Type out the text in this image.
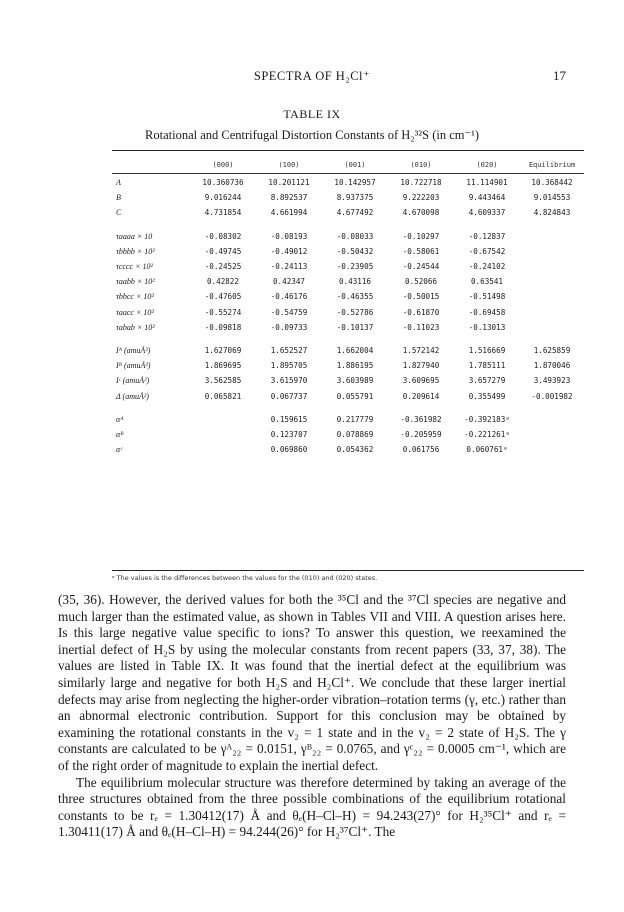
SPECTRA OF H₂Cl⁺	17
TABLE IX
Rotational and Centrifugal Distortion Constants of H₂³²S (in cm⁻¹)
	(000)	(100)	(001)	(010)	(020)	Equilibrium
A	10.360736	10.201121	10.142957	10.722718	11.114901	10.368442
B	9.016244	8.892537	8.937375	9.222203	9.443464	9.014553
C	4.731854	4.661994	4.677492	4.670098	4.609337	4.824843

τaaaa × 10	-0.08302	-0.08193	-0.08033	-0.10297	-0.12837	
τbbbb × 10²	-0.49745	-0.49012	-0.50432	-0.58061	-0.67542	
τcccc × 10²	-0.24525	-0.24113	-0.23905	-0.24544	-0.24102	
τaabb × 10²	0.42822	0.42347	0.43116	0.52066	0.63541	
τbbcc × 10²	-0.47605	-0.46176	-0.46355	-0.50015	-0.51498	
τaacc × 10²	-0.55274	-0.54759	-0.52786	-0.61870	-0.69458	
τabab × 10²	-0.09818	-0.09733	-0.10137	-0.11023	-0.13013	

Iᴬ (amuÅ²)	1.627069	1.652527	1.662004	1.572142	1.516669	1.625859
Iᴮ (amuÅ²)	1.869695	1.895705	1.886195	1.827940	1.785111	1.870046
Iᶜ (amuÅ²)	3.562585	3.615970	3.603989	3.609695	3.657279	3.493923
Δ (amuÅ²)	0.065821	0.067737	0.055791	0.209614	0.355499	-0.001982

αᴬ		0.159615	0.217779	-0.361982	-0.392183ᵃ	
αᴮ		0.123707	0.078869	-0.205959	-0.221261ᵃ	
αᶜ		0.069860	0.054362	0.061756	0.060761ᵃ	
ᵃ The values is the differences between the values for the (010) and (020) states.

(35, 36). However, the derived values for both the ³⁵Cl and the ³⁷Cl species are negative and much larger than the estimated value, as shown in Tables VII and VIII. A question arises here. Is this large negative value specific to ions? To answer this question, we reexamined the inertial defect of H₂S by using the molecular constants from recent papers (33, 37, 38). The values are listed in Table IX. It was found that the inertial defect at the equilibrium was similarly large and negative for both H₂S and H₂Cl⁺. We conclude that these larger inertial defects may arise from neglecting the higher-order vibration–rotation terms (γ, etc.) rather than an abnormal electronic contribution. Support for this conclusion may be obtained by examining the rotational constants in the v₂ = 1 state and in the v₂ = 2 state of H₂S. The γ constants are calculated to be γᴬ₂₂ = 0.0151, γᴮ₂₂ = 0.0765, and γᶜ₂₂ = 0.0005 cm⁻¹, which are of the right order of magnitude to explain the inertial defect.

The equilibrium molecular structure was therefore determined by taking an average of the three structures obtained from the three possible combinations of the equilibrium rotational constants to be rₑ = 1.30412(17) Å and θₑ(H–Cl–H) = 94.243(27)° for H₂³⁵Cl⁺ and rₑ = 1.30411(17) Å and θₑ(H–Cl–H) = 94.244(26)° for H₂³⁷Cl⁺. The
